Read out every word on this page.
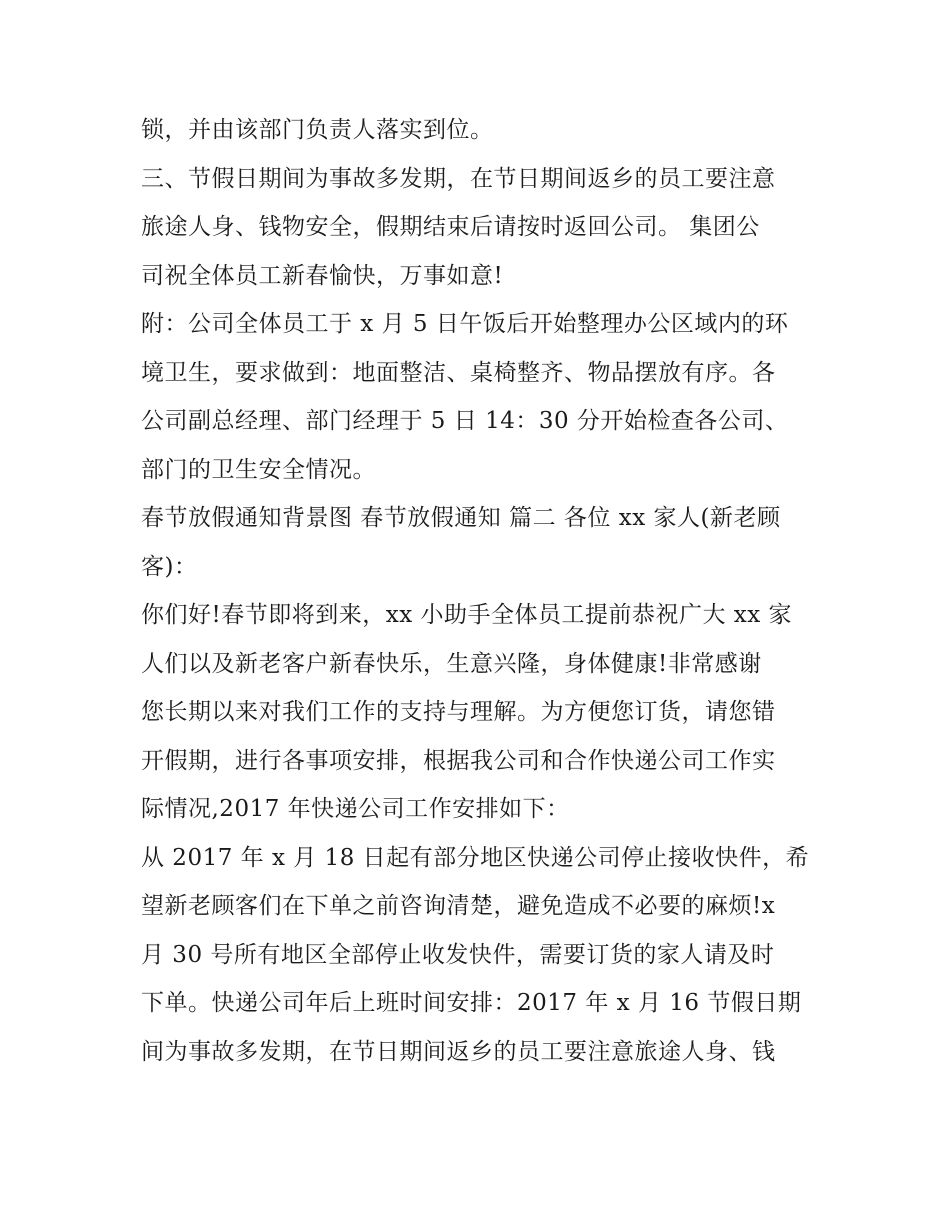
锁，并由该部门负责人落实到位。
三、节假日期间为事故多发期，在节日期间返乡的员工要注意
旅途人身、钱物安全，假期结束后请按时返回公司。 集团公
司祝全体员工新春愉快，万事如意!
附：公司全体员工于 x 月 5 日午饭后开始整理办公区域内的环
境卫生，要求做到：地面整洁、桌椅整齐、物品摆放有序。各
公司副总经理、部门经理于 5 日 14：30 分开始检查各公司、
部门的卫生安全情况。
春节放假通知背景图 春节放假通知 篇二 各位 xx 家人(新老顾
客)：
你们好!春节即将到来，xx 小助手全体员工提前恭祝广大 xx 家
人们以及新老客户新春快乐，生意兴隆，身体健康!非常感谢
您长期以来对我们工作的支持与理解。为方便您订货，请您错
开假期，进行各事项安排，根据我公司和合作快递公司工作实
际情况,2017 年快递公司工作安排如下：
从 2017 年 x 月 18 日起有部分地区快递公司停止接收快件，希
望新老顾客们在下单之前咨询清楚，避免造成不必要的麻烦!x
月 30 号所有地区全部停止收发快件，需要订货的家人请及时
下单。快递公司年后上班时间安排：2017 年 x 月 16 节假日期
间为事故多发期，在节日期间返乡的员工要注意旅途人身、钱
